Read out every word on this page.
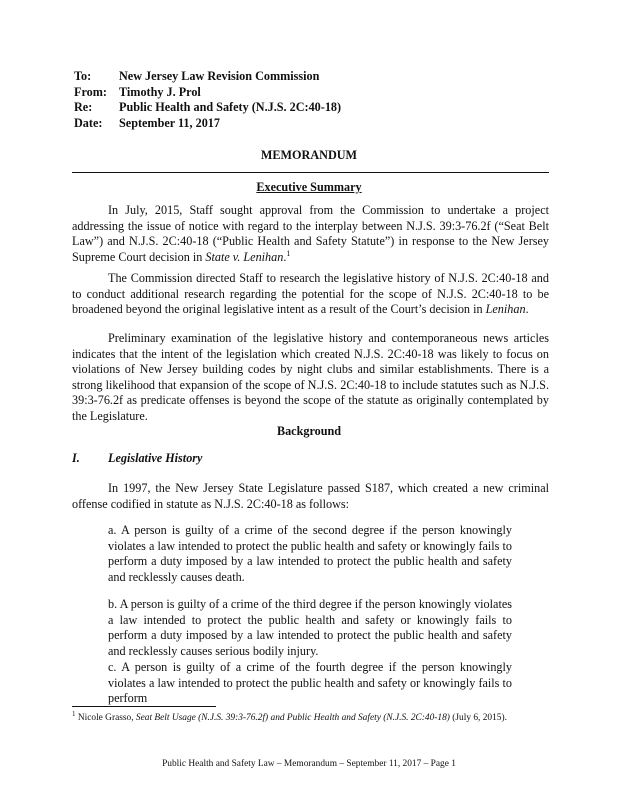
To:	New Jersey Law Revision Commission
From: Timothy J. Prol
Re:	Public Health and Safety (N.J.S. 2C:40-18)
Date:	September 11, 2017
MEMORANDUM
Executive Summary
In July, 2015, Staff sought approval from the Commission to undertake a project addressing the issue of notice with regard to the interplay between N.J.S. 39:3-76.2f (“Seat Belt Law”) and N.J.S. 2C:40-18 (“Public Health and Safety Statute”) in response to the New Jersey Supreme Court decision in State v. Lenihan.$^1$
The Commission directed Staff to research the legislative history of N.J.S. 2C:40-18 and to conduct additional research regarding the potential for the scope of N.J.S. 2C:40-18 to be broadened beyond the original legislative intent as a result of the Court’s decision in Lenihan.
Preliminary examination of the legislative history and contemporaneous news articles indicates that the intent of the legislation which created N.J.S. 2C:40-18 was likely to focus on violations of New Jersey building codes by night clubs and similar establishments. There is a strong likelihood that expansion of the scope of N.J.S. 2C:40-18 to include statutes such as N.J.S. 39:3-76.2f as predicate offenses is beyond the scope of the statute as originally contemplated by the Legislature.
Background
I. Legislative History
In 1997, the New Jersey State Legislature passed S187, which created a new criminal offense codified in statute as N.J.S. 2C:40-18 as follows:
a. A person is guilty of a crime of the second degree if the person knowingly violates a law intended to protect the public health and safety or knowingly fails to perform a duty imposed by a law intended to protect the public health and safety and recklessly causes death.
b. A person is guilty of a crime of the third degree if the person knowingly violates a law intended to protect the public health and safety or knowingly fails to perform a duty imposed by a law intended to protect the public health and safety and recklessly causes serious bodily injury.
c. A person is guilty of a crime of the fourth degree if the person knowingly violates a law intended to protect the public health and safety or knowingly fails to perform
$^1$ Nicole Grasso, Seat Belt Usage (N.J.S. 39:3-76.2f) and Public Health and Safety (N.J.S. 2C:40-18) (July 6, 2015).
Public Health and Safety Law – Memorandum – September 11, 2017 – Page 1
